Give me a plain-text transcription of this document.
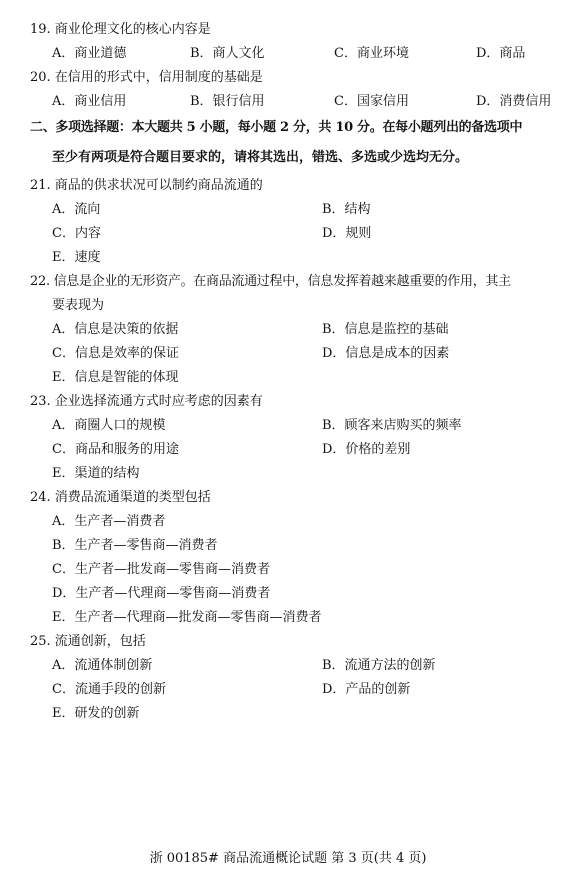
19. 商业伦理文化的核心内容是
A．商业道德	B．商人文化	C．商业环境	D．商品
20. 在信用的形式中，信用制度的基础是
A．商业信用	B．银行信用	C．国家信用	D．消费信用
二、多项选择题：本大题共 5 小题，每小题 2 分，共 10 分。在每小题列出的备选项中
至少有两项是符合题目要求的，请将其选出，错选、多选或少选均无分。
21. 商品的供求状况可以制约商品流通的
A．流向	B．结构
C．内容	D．规则
E．速度
22. 信息是企业的无形资产。在商品流通过程中，信息发挥着越来越重要的作用，其主
要表现为
A．信息是决策的依据	B．信息是监控的基础
C．信息是效率的保证	D．信息是成本的因素
E．信息是智能的体现
23. 企业选择流通方式时应考虑的因素有
A．商圈人口的规模	B．顾客来店购买的频率
C．商品和服务的用途	D．价格的差别
E．渠道的结构
24. 消费品流通渠道的类型包括
A．生产者—消费者
B．生产者—零售商—消费者
C．生产者—批发商—零售商—消费者
D．生产者—代理商—零售商—消费者
E．生产者—代理商—批发商—零售商—消费者
25. 流通创新，包括
A．流通体制创新	B．流通方法的创新
C．流通手段的创新	D．产品的创新
E．研发的创新
浙 00185# 商品流通概论试题 第 3 页(共 4 页)
